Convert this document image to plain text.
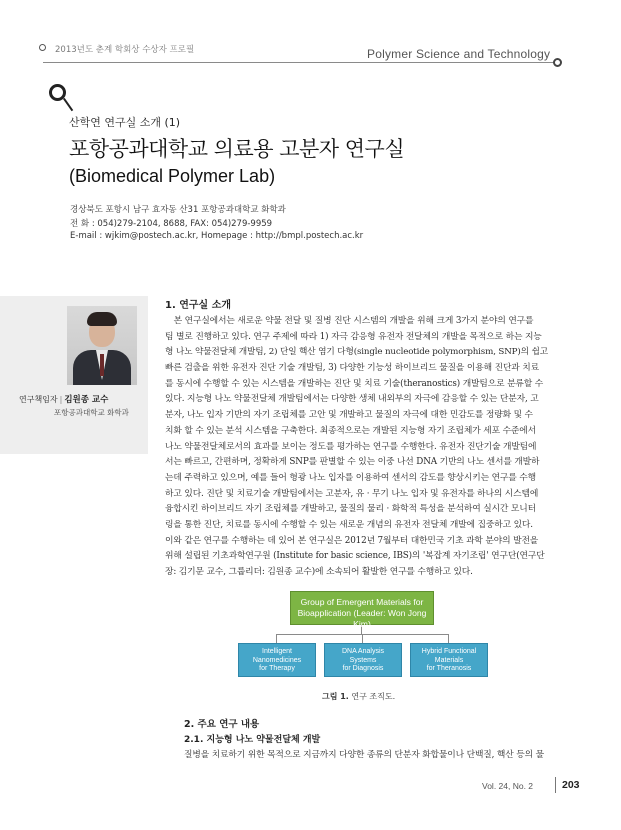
2013년도 춘계 학회상 수상자 프로필	Polymer Science and Technology
산학연 연구실 소개 (1)
포항공과대학교 의료용 고분자 연구실
(Biomedical Polymer Lab)
경상북도 포항시 남구 효자동 산31 포항공과대학교 화학과
전 화 : 054)279-2104, 8688, FAX: 054)279-9959
E-mail : wjkim@postech.ac.kr, Homepage : http://bmpl.postech.ac.kr
연구책임자 | 김원종 교수
포항공과대학교 화학과
1. 연구실 소개
　본 연구실에서는 새로운 약물 전달 및 질병 진단 시스템의 개발을 위해 크게 3가지 분야의 연구를
팀 별로 진행하고 있다. 연구 주제에 따라 1) 자극 감응형 유전자 전달체의 개발을 목적으로 하는 지능
형 나노 약물전달체 개발팀, 2) 단일 핵산 염기 다형(single nucleotide polymorphism, SNP)의 쉽고
빠른 검출을 위한 유전자 진단 기술 개발팀, 3) 다양한 기능성 하이브리드 물질을 이용해 진단과 치료
를 동시에 수행할 수 있는 시스템을 개발하는 진단 및 치료 기술(theranostics) 개발팀으로 분류할 수
있다. 지능형 나노 약물전달체 개발팀에서는 다양한 생체 내외부의 자극에 감응할 수 있는 단분자, 고
분자, 나노 입자 기반의 자기 조립체를 고안 및 개발하고 물질의 자극에 대한 민감도를 정량화 및 수
치화 할 수 있는 분석 시스템을 구축한다. 최종적으로는 개발된 지능형 자기 조립체가 세포 수준에서
나노 약물전달체로서의 효과를 보이는 정도를 평가하는 연구를 수행한다. 유전자 진단기술 개발팀에
서는 빠르고, 간편하며, 정확하게 SNP를 판별할 수 있는 이중 나선 DNA 기반의 나노 센서를 개발하
는데 주력하고 있으며, 예를 들어 형광 나노 입자를 이용하여 센서의 감도를 향상시키는 연구를 수행
하고 있다. 진단 및 치료기술 개발팀에서는 고분자, 유 · 무기 나노 입자 및 유전자를 하나의 시스템에
융합시킨 하이브리드 자기 조립체를 개발하고, 물질의 물리 · 화학적 특성을 분석하여 실시간 모니터
링을 통한 진단, 치료를 동시에 수행할 수 있는 새로운 개념의 유전자 전달체 개발에 집중하고 있다.
이와 같은 연구를 수행하는 데 있어 본 연구실은 2012년 7월부터 대한민국 기초 과학 분야의 발전을
위해 설립된 기초과학연구원 (Institute for basic science, IBS)의 '복잡계 자기조립' 연구단(연구단
장: 김기문 교수, 그룹리더: 김원종 교수)에 소속되어 활발한 연구를 수행하고 있다.
Group of Emergent Materials for
Bioapplication (Leader: Won Jong Kim)
Intelligent
Nanomedicines
for Therapy
DNA Analysis
Systems
for Diagnosis
Hybrid Functional
Materials
for Theranosis
그림 1. 연구 조직도.
2. 주요 연구 내용
2.1. 지능형 나노 약물전달체 개발
질병을 치료하기 위한 목적으로 지금까지 다양한 종류의 단분자 화합물이나 단백질, 핵산 등의 물
Vol. 24, No. 2	203
